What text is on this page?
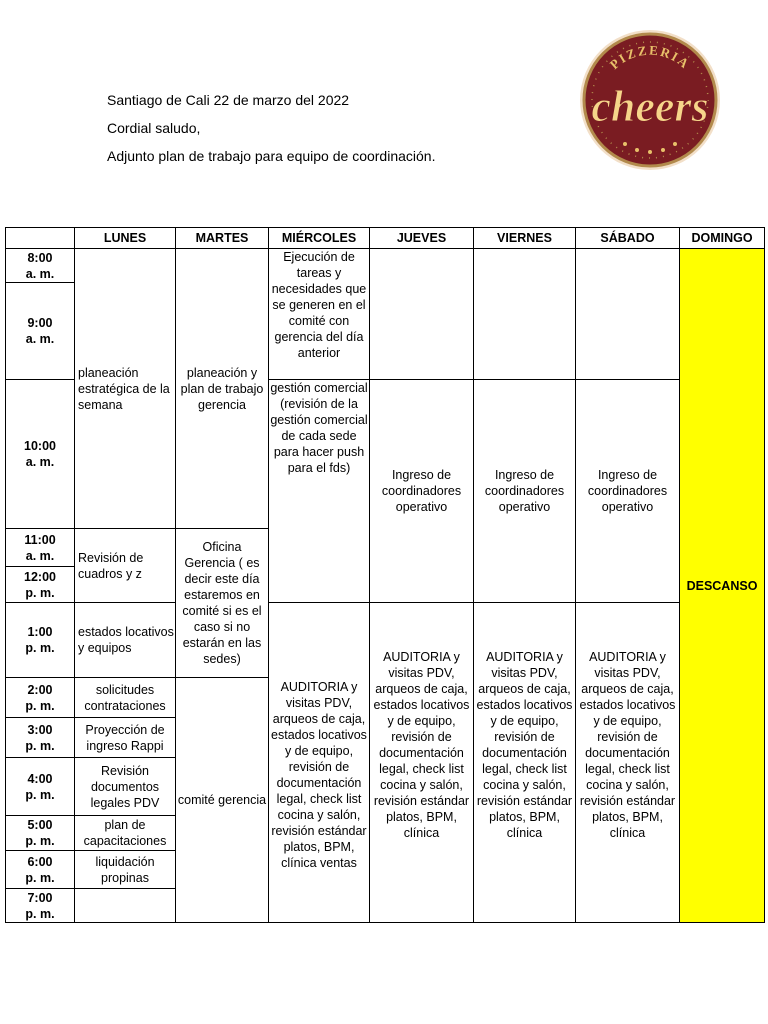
Santiago de Cali 22 de marzo del 2022
Cordial saludo,
Adjunto plan de trabajo para equipo de coordinación.
PIZZERIA
cheers
	LUNES	MARTES	MIÉRCOLES	JUEVES	VIERNES	SÁBADO	DOMINGO
8:00
a. m.	planeación estratégica de la semana	planeación y plan de trabajo gerencia	Ejecución de tareas y necesidades que se generen en el comité con gerencia del día anterior				DESCANSO
9:00
a. m.							
10:00
a. m.			gestión comercial (revisión de la gestión comercial de cada sede para hacer push para el fds)	Ingreso de coordinadores operativo	Ingreso de coordinadores operativo	Ingreso de coordinadores operativo	
11:00
a. m.	Revisión de cuadros y z	Oficina Gerencia ( es decir este día estaremos en comité si es el caso si no estarán en las sedes)					
12:00
p. m.							
1:00
p. m.	estados locativos y equipos		AUDITORIA y visitas PDV, arqueos de caja, estados locativos y de equipo, revisión de documentación legal, check list cocina y salón, revisión estándar platos, BPM, clínica ventas	AUDITORIA y visitas PDV, arqueos de caja, estados locativos y de equipo, revisión de documentación legal, check list cocina y salón, revisión estándar platos, BPM, clínica	AUDITORIA y visitas PDV, arqueos de caja, estados locativos y de equipo, revisión de documentación legal, check list cocina y salón, revisión estándar platos, BPM, clínica	AUDITORIA y visitas PDV, arqueos de caja, estados locativos y de equipo, revisión de documentación legal, check list cocina y salón, revisión estándar platos, BPM, clínica	
2:00
p. m.	solicitudes contrataciones	comité gerencia					
3:00
p. m.	Proyección de ingreso Rappi						
4:00
p. m.	Revisión documentos legales PDV						
5:00
p. m.	plan de capacitaciones						
6:00
p. m.	liquidación propinas						
7:00
p. m.							
